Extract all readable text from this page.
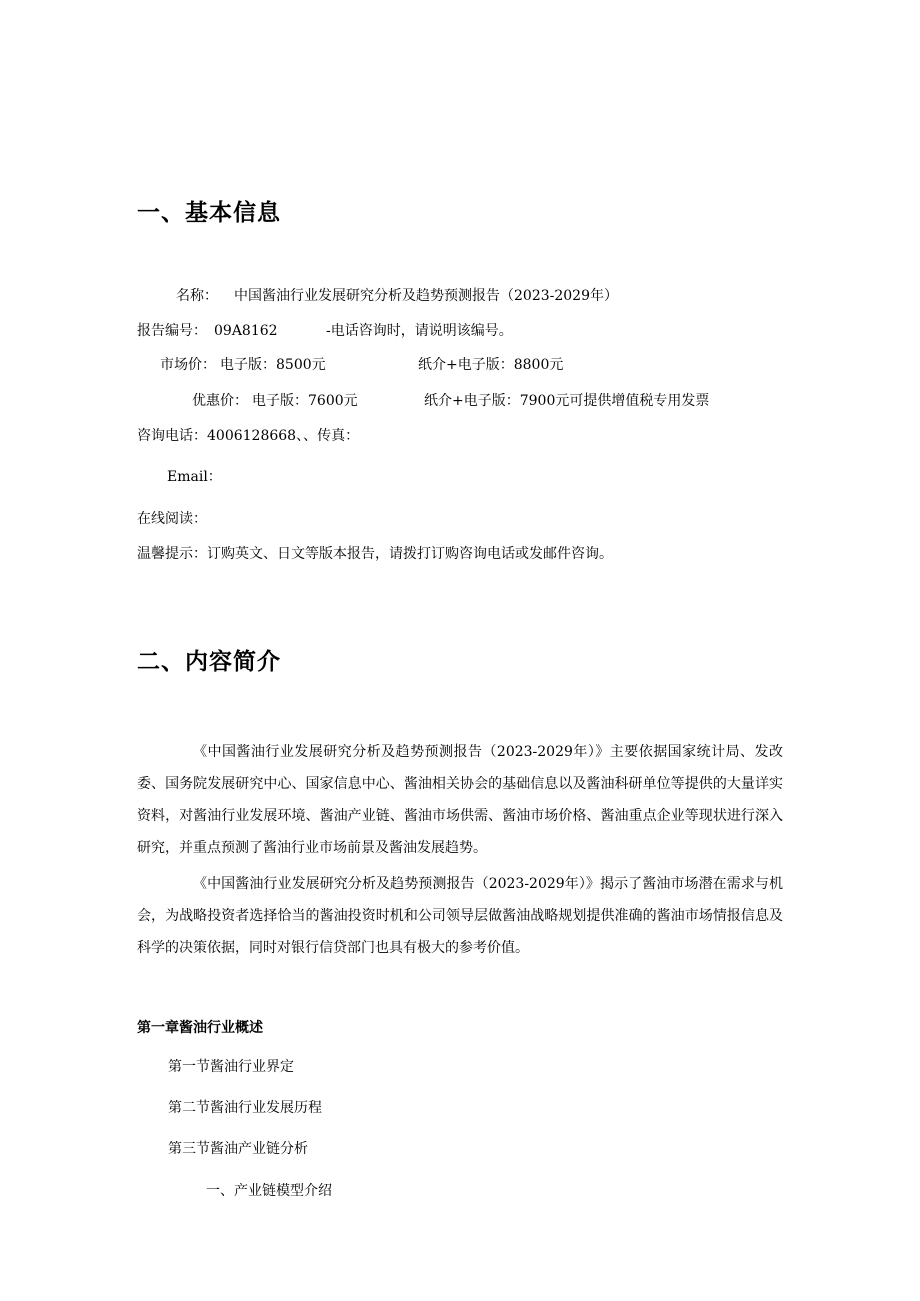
一、基本信息
名称： 中国酱油行业发展研究分析及趋势预测报告（2023-2029年）
报告编号： 09A8162	-电话咨询时，请说明该编号。
市场价： 电子版：8500元	纸介+电子版：8800元
优惠价： 电子版：7600元	纸介+电子版：7900元可提供增值税专用发票
咨询电话：4006128668、、传真：
Email：
在线阅读：
温馨提示：订购英文、日文等版本报告，请拨打订购咨询电话或发邮件咨询。
二、内容简介
《中国酱油行业发展研究分析及趋势预测报告（2023-2029年）》主要依据国家统计局、发改委、国务院发展研究中心、国家信息中心、酱油相关协会的基础信息以及酱油科研单位等提供的大量详实资料，对酱油行业发展环境、酱油产业链、酱油市场供需、酱油市场价格、酱油重点企业等现状进行深入研究，并重点预测了酱油行业市场前景及酱油发展趋势。
《中国酱油行业发展研究分析及趋势预测报告（2023-2029年）》揭示了酱油市场潜在需求与机会，为战略投资者选择恰当的酱油投资时机和公司领导层做酱油战略规划提供准确的酱油市场情报信息及科学的决策依据，同时对银行信贷部门也具有极大的参考价值。
第一章酱油行业概述
第一节酱油行业界定
第二节酱油行业发展历程
第三节酱油产业链分析
一、产业链模型介绍
